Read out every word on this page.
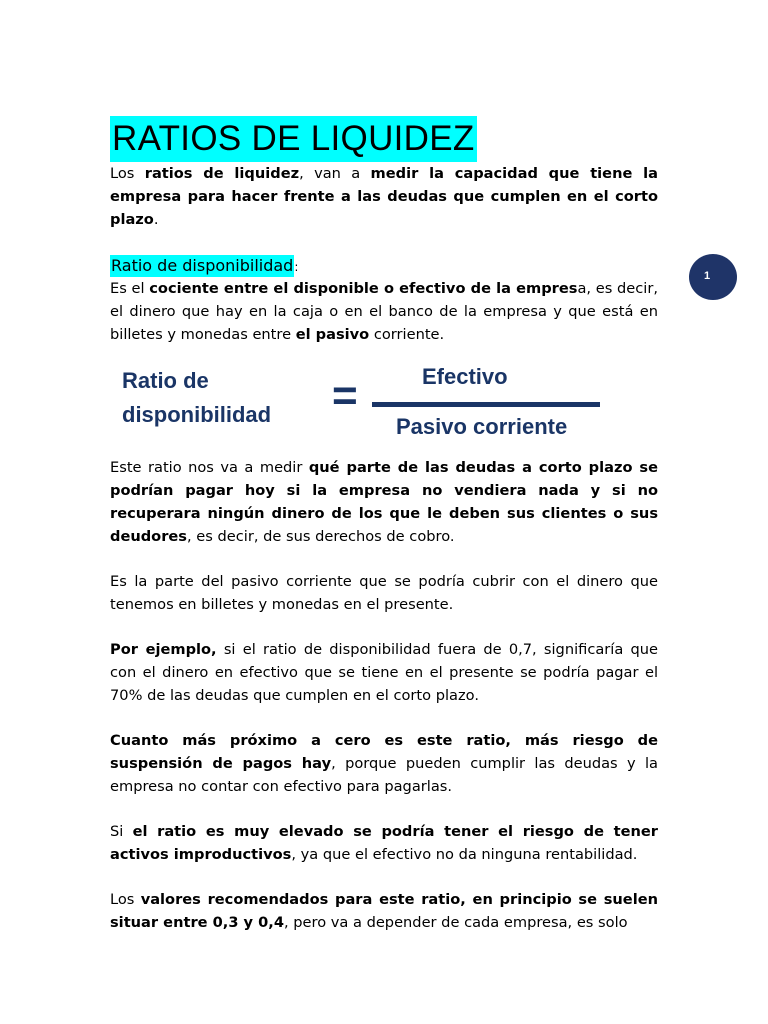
RATIOS DE LIQUIDEZ

Los ratios de liquidez, van a medir la capacidad que tiene la empresa para hacer frente a las deudas que cumplen en el corto plazo.

Ratio de disponibilidad:

Es el cociente entre el disponible o efectivo de la empresa, es decir, el dinero que hay en la caja o en el banco de la empresa y que está en billetes y monedas entre el pasivo corriente.

Ratio de
disponibilidad =	Efectivo
Pasivo corriente

Este ratio nos va a medir qué parte de las deudas a corto plazo se podrían pagar hoy si la empresa no vendiera nada y si no recuperara ningún dinero de los que le deben sus clientes o sus deudores, es decir, de sus derechos de cobro.

Es la parte del pasivo corriente que se podría cubrir con el dinero que tenemos en billetes y monedas en el presente.

Por ejemplo, si el ratio de disponibilidad fuera de 0,7, significaría que con el dinero en efectivo que se tiene en el presente se podría pagar el 70% de las deudas que cumplen en el corto plazo.

Cuanto más próximo a cero es este ratio, más riesgo de suspensión de pagos hay, porque pueden cumplir las deudas y la empresa no contar con efectivo para pagarlas.

Si el ratio es muy elevado se podría tener el riesgo de tener activos improductivos, ya que el efectivo no da ninguna rentabilidad.

Los valores recomendados para este ratio, en principio se suelen situar entre 0,3 y 0,4, pero va a depender de cada empresa, es solo

1
